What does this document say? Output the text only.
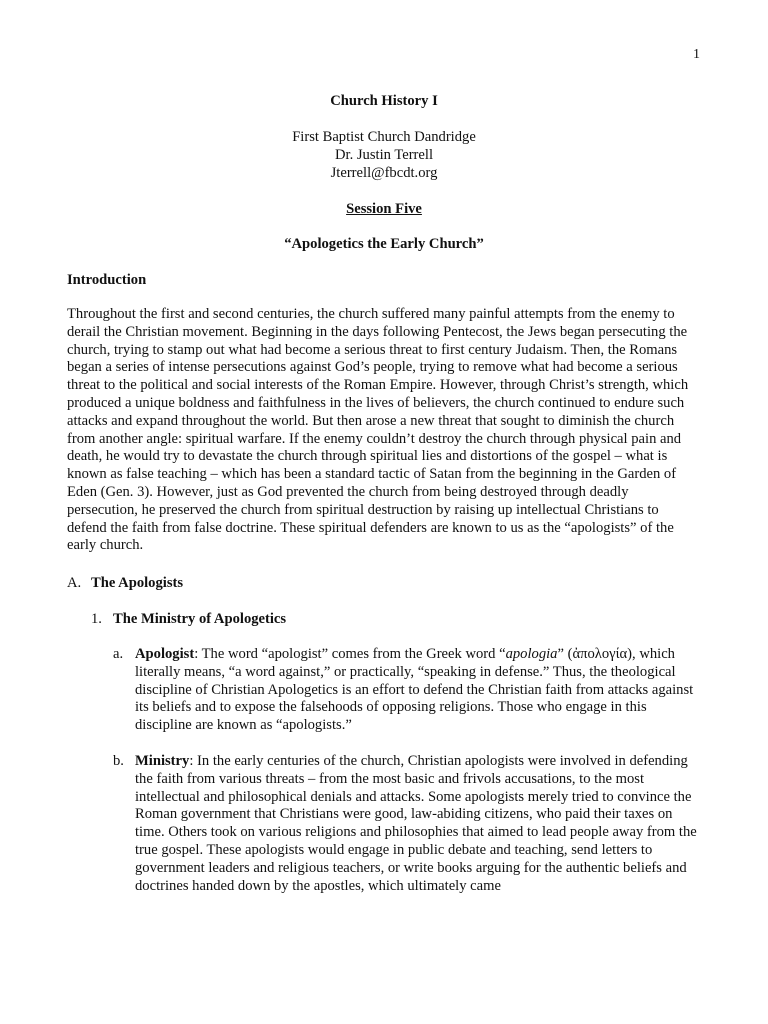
1
Church History I
First Baptist Church Dandridge
Dr. Justin Terrell
Jterrell@fbcdt.org
Session Five
“Apologetics the Early Church”
Introduction

Throughout the first and second centuries, the church suffered many painful attempts from the enemy to derail the Christian movement. Beginning in the days following Pentecost, the Jews began persecuting the church, trying to stamp out what had become a serious threat to first century Judaism. Then, the Romans began a series of intense persecutions against God’s people, trying to remove what had become a serious threat to the political and social interests of the Roman Empire. However, through Christ’s strength, which produced a unique boldness and faithfulness in the lives of believers, the church continued to endure such attacks and expand throughout the world. But then arose a new threat that sought to diminish the church from another angle: spiritual warfare. If the enemy couldn’t destroy the church through physical pain and death, he would try to devastate the church through spiritual lies and distortions of the gospel – what is known as false teaching – which has been a standard tactic of Satan from the beginning in the Garden of Eden (Gen. 3). However, just as God prevented the church from being destroyed through deadly persecution, he preserved the church from spiritual destruction by raising up intellectual Christians to defend the faith from false doctrine. These spiritual defenders are known to us as the “apologists” of the early church.

A. The Apologists
1. The Ministry of Apologetics
a. Apologist: The word “apologist” comes from the Greek word “apologia” (ἀπολογία), which literally means, “a word against,” or practically, “speaking in defense.” Thus, the theological discipline of Christian Apologetics is an effort to defend the Christian faith from attacks against its beliefs and to expose the falsehoods of opposing religions. Those who engage in this discipline are known as “apologists.”

b. Ministry: In the early centuries of the church, Christian apologists were involved in defending the faith from various threats – from the most basic and frivols accusations, to the most intellectual and philosophical denials and attacks. Some apologists merely tried to convince the Roman government that Christians were good, law-abiding citizens, who paid their taxes on time. Others took on various religions and philosophies that aimed to lead people away from the true gospel. These apologists would engage in public debate and teaching, send letters to government leaders and religious teachers, or write books arguing for the authentic beliefs and doctrines handed down by the apostles, which ultimately came
